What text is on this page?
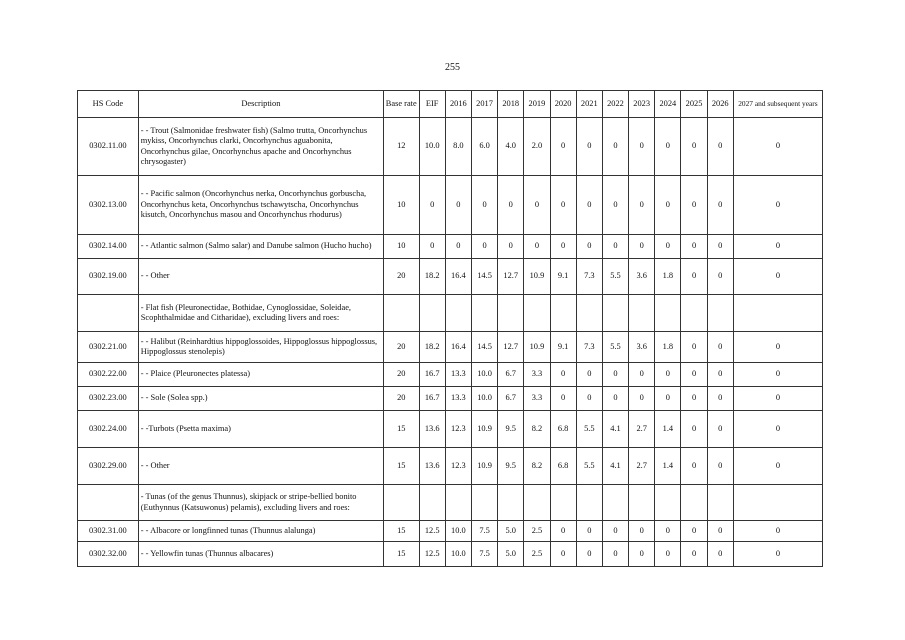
255
HS Code	Description	Base rate	EIF	2016	2017	2018	2019	2020	2021	2022	2023	2024	2025	2026	2027 and subsequent years
0302.11.00	- - Trout (Salmonidae freshwater fish) (Salmo trutta, Oncorhynchus mykiss, Oncorhynchus clarki, Oncorhynchus aguabonita, Oncorhynchus gilae, Oncorhynchus apache and Oncorhynchus chrysogaster)	12	10.0	8.0	6.0	4.0	2.0	0	0	0	0	0	0	0	0
0302.13.00	- - Pacific salmon (Oncorhynchus nerka, Oncorhynchus gorbuscha, Oncorhynchus keta, Oncorhynchus tschawytscha, Oncorhynchus kisutch, Oncorhynchus masou and Oncorhynchus rhodurus)	10	0	0	0	0	0	0	0	0	0	0	0	0	0
0302.14.00	- - Atlantic salmon (Salmo salar) and Danube salmon (Hucho hucho)	10	0	0	0	0	0	0	0	0	0	0	0	0	0
0302.19.00	- - Other	20	18.2	16.4	14.5	12.7	10.9	9.1	7.3	5.5	3.6	1.8	0	0	0
	- Flat fish (Pleuronectidae, Bothidae, Cynoglossidae, Soleidae, Scophthalmidae and Citharidae), excluding livers and roes:														
0302.21.00	- - Halibut (Reinhardtius hippoglossoides, Hippoglossus hippoglossus, Hippoglossus stenolepis)	20	18.2	16.4	14.5	12.7	10.9	9.1	7.3	5.5	3.6	1.8	0	0	0
0302.22.00	- - Plaice (Pleuronectes platessa)	20	16.7	13.3	10.0	6.7	3.3	0	0	0	0	0	0	0	0
0302.23.00	- - Sole (Solea spp.)	20	16.7	13.3	10.0	6.7	3.3	0	0	0	0	0	0	0	0
0302.24.00	- -Turbots (Psetta maxima)	15	13.6	12.3	10.9	9.5	8.2	6.8	5.5	4.1	2.7	1.4	0	0	0
0302.29.00	- - Other	15	13.6	12.3	10.9	9.5	8.2	6.8	5.5	4.1	2.7	1.4	0	0	0
	- Tunas (of the genus Thunnus), skipjack or stripe-bellied bonito (Euthynnus (Katsuwonus) pelamis), excluding livers and roes:														
0302.31.00	- - Albacore or longfinned tunas (Thunnus alalunga)	15	12.5	10.0	7.5	5.0	2.5	0	0	0	0	0	0	0	0
0302.32.00	- - Yellowfin tunas (Thunnus albacares)	15	12.5	10.0	7.5	5.0	2.5	0	0	0	0	0	0	0	0
